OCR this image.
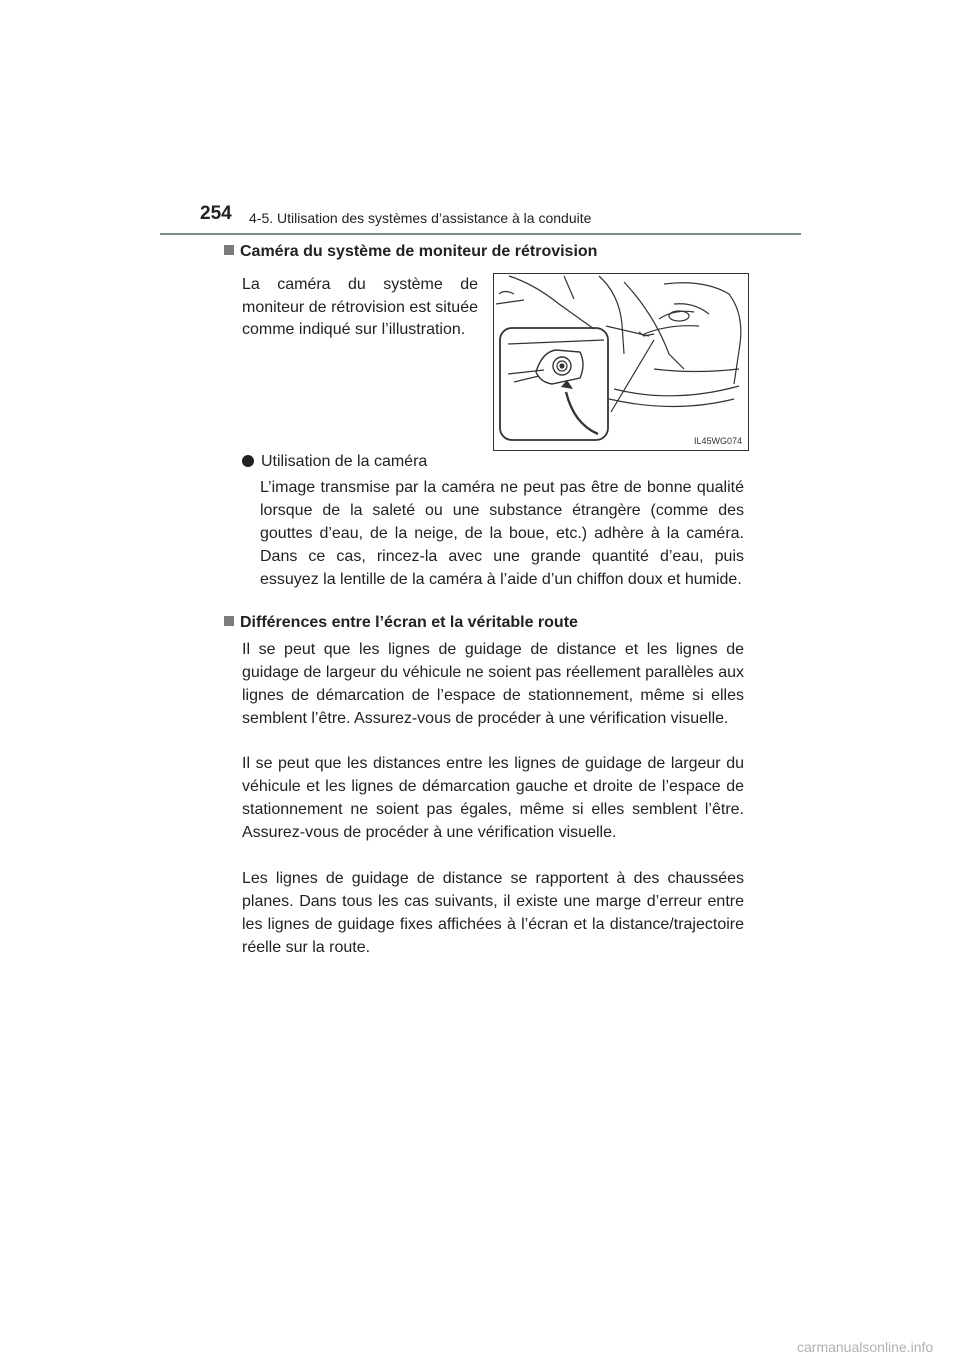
254 4-5. Utilisation des systèmes d’assistance à la conduite
Caméra du système de moniteur de rétrovision
La caméra du système de moniteur de rétrovision est située comme indiqué sur l’illustration.
IL45WG074
Utilisation de la caméra
L’image transmise par la caméra ne peut pas être de bonne qualité lorsque de la saleté ou une substance étrangère (comme des gouttes d’eau, de la neige, de la boue, etc.) adhère à la caméra. Dans ce cas, rincez-la avec une grande quantité d’eau, puis essuyez la lentille de la caméra à l’aide d’un chiffon doux et humide.
Différences entre l’écran et la véritable route
Il se peut que les lignes de guidage de distance et les lignes de guidage de largeur du véhicule ne soient pas réellement parallèles aux lignes de démarcation de l’espace de stationnement, même si elles semblent l’être. Assurez-vous de procéder à une vérification visuelle.
Il se peut que les distances entre les lignes de guidage de largeur du véhicule et les lignes de démarcation gauche et droite de l’espace de stationnement ne soient pas égales, même si elles semblent l’être. Assurez-vous de procéder à une vérification visuelle.
Les lignes de guidage de distance se rapportent à des chaussées planes. Dans tous les cas suivants, il existe une marge d’erreur entre les lignes de guidage fixes affichées à l’écran et la distance/trajectoire réelle sur la route.
carmanualsonline.info
